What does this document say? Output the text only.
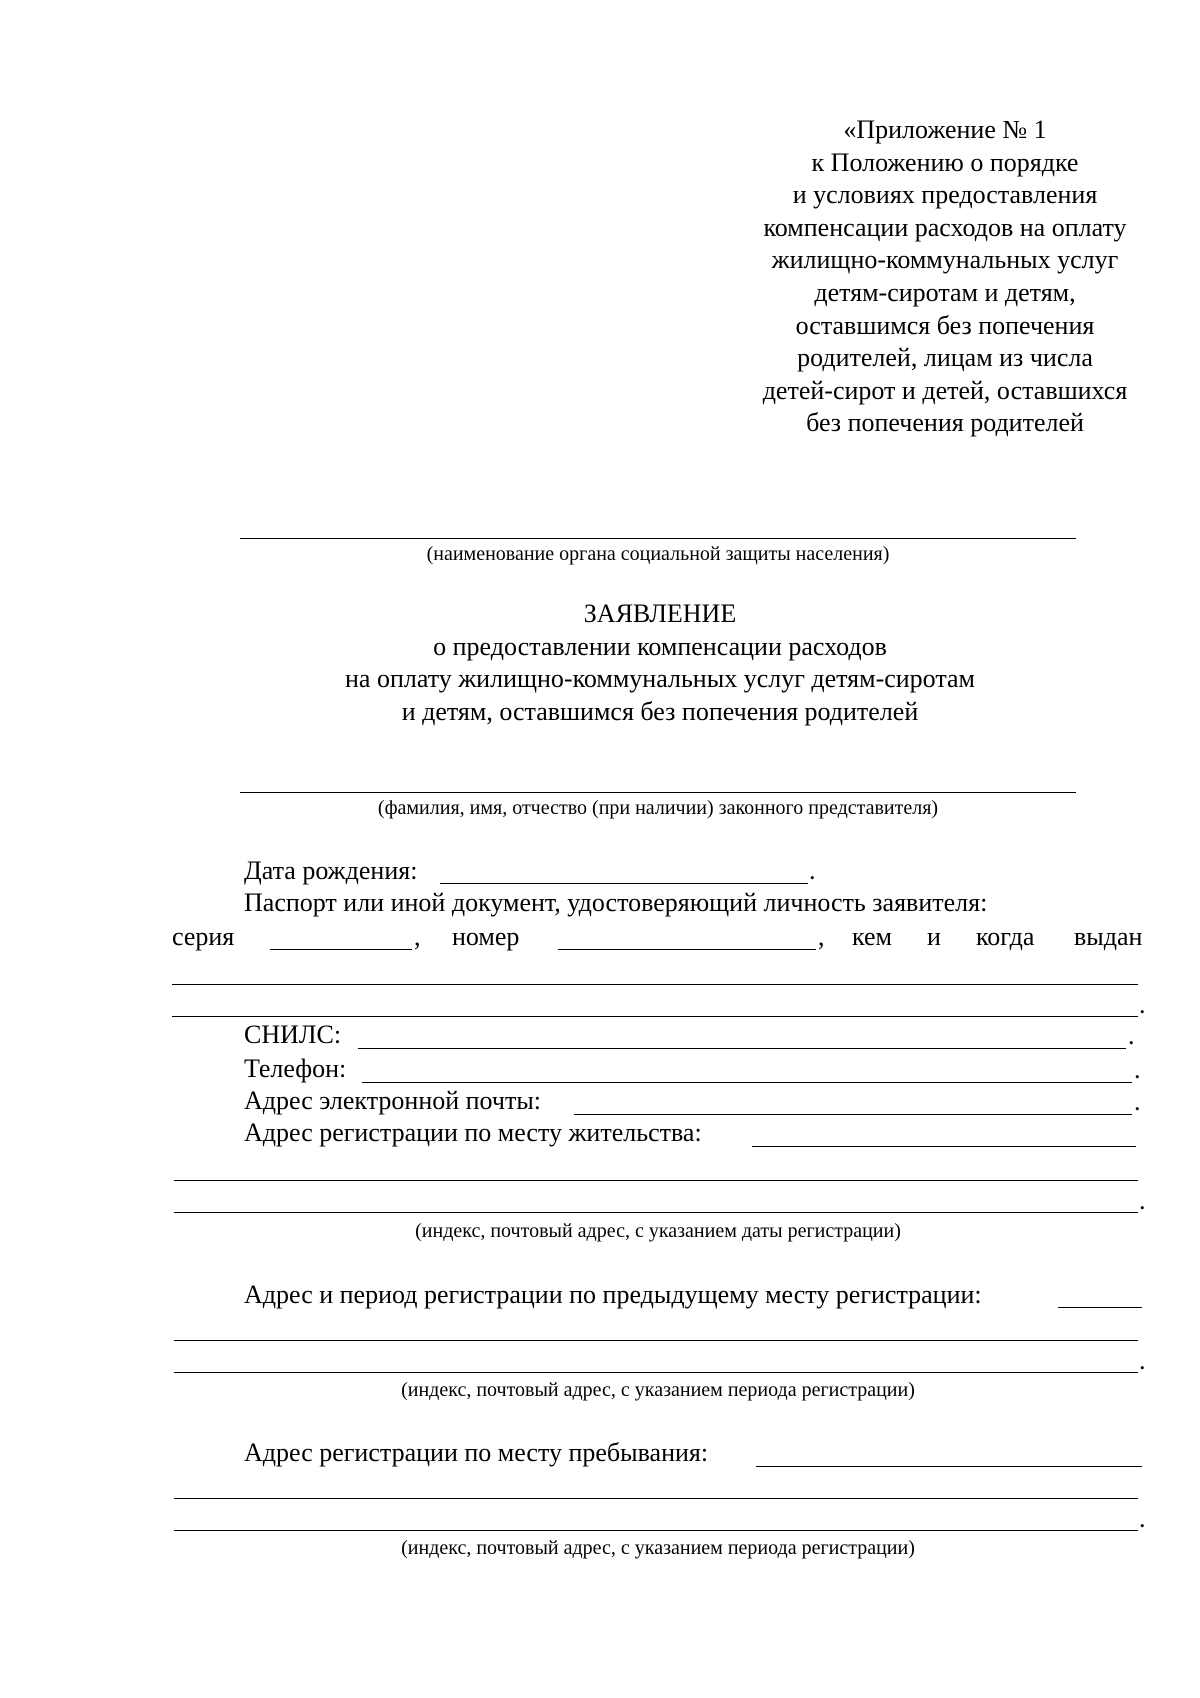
«Приложение № 1
к Положению о порядке
и условиях предоставления
компенсации расходов на оплату
жилищно-коммунальных услуг
детям-сиротам и детям,
оставшимся без попечения
родителей, лицам из числа
детей-сирот и детей, оставшихся
без попечения родителей
(наименование органа социальной защиты населения)
ЗАЯВЛЕНИЕ
о предоставлении компенсации расходов
на оплату жилищно-коммунальных услуг детям-сиротам
и детям, оставшимся без попечения родителей
(фамилия, имя, отчество (при наличии) законного представителя)
Дата рождения:	.
Паспорт или иной документ, удостоверяющий личность заявителя:
серия	, номер	, кем и когда выдан
.
СНИЛС:	.
Телефон:	.
Адрес электронной почты:	.
Адрес регистрации по месту жительства:
.
(индекс, почтовый адрес, с указанием даты регистрации)
Адрес и период регистрации по предыдущему месту регистрации:
.
(индекс, почтовый адрес, с указанием периода регистрации)
Адрес регистрации по месту пребывания:
.
(индекс, почтовый адрес, с указанием периода регистрации)
